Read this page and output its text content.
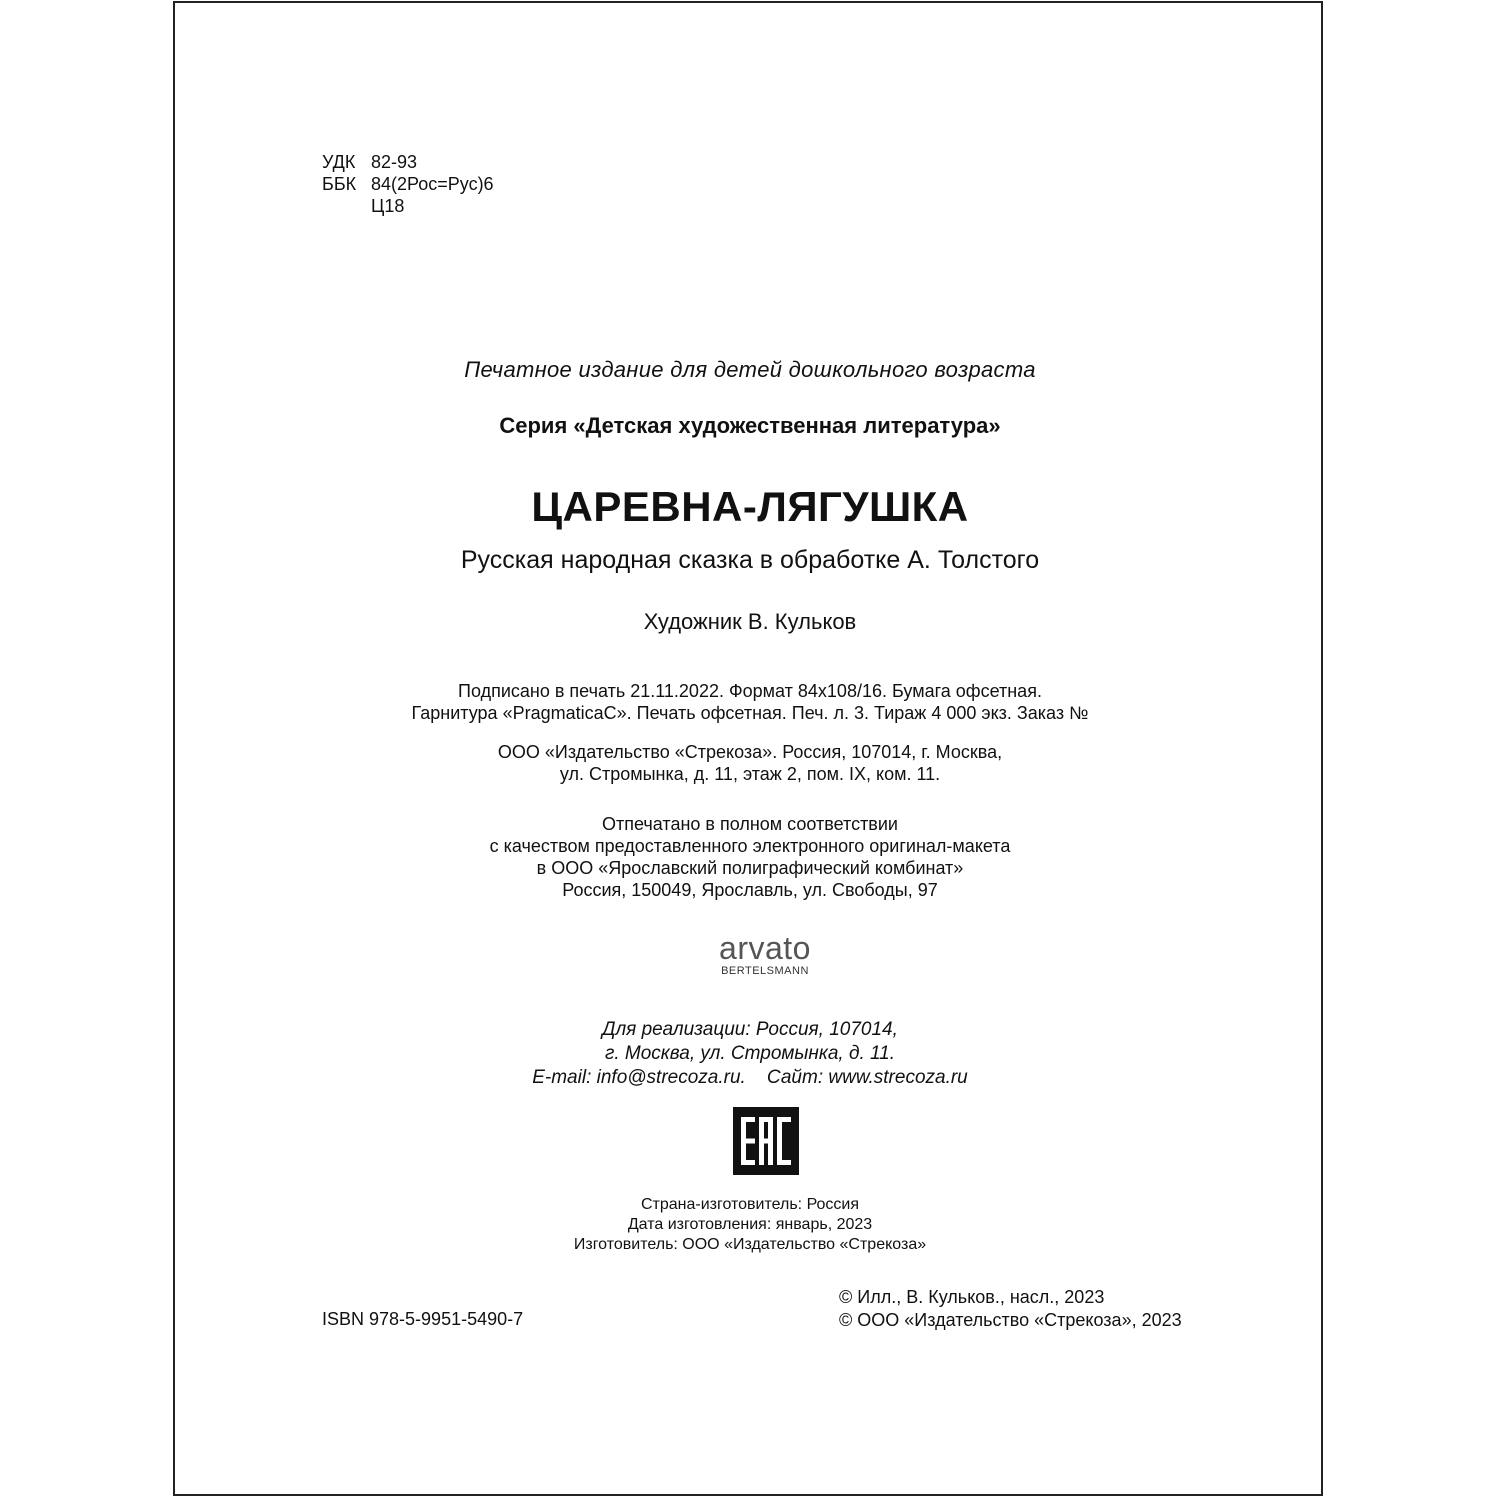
УДК 82-93
ББК 84(2Рос=Рус)6
Ц18
Печатное издание для детей дошкольного возраста
Серия «Детская художественная литература»
ЦАРЕВНА-ЛЯГУШКА
Русская народная сказка в обработке А. Толстого
Художник В. Кульков
Подписано в печать 21.11.2022. Формат 84x108/16. Бумага офсетная.
Гарнитура «PragmaticaC». Печать офсетная. Печ. л. 3. Тираж 4 000 экз. Заказ №
ООО «Издательство «Стрекоза». Россия, 107014, г. Москва,
ул. Стромынка, д. 11, этаж 2, пом. IX, ком. 11.
Отпечатано в полном соответствии
с качеством предоставленного электронного оригинал-макета
в ООО «Ярославский полиграфический комбинат»
Россия, 150049, Ярославль, ул. Свободы, 97
arvato
BERTELSMANN
Для реализации: Россия, 107014,
г. Москва, ул. Стромынка, д. 11.
E-mail: info@strecoza.ru.    Сайт: www.strecoza.ru
Страна-изготовитель: Россия
Дата изготовления: январь, 2023
Изготовитель: ООО «Издательство «Стрекоза»
ISBN 978-5-9951-5490-7
© Илл., В. Кульков., насл., 2023
© ООО «Издательство «Стрекоза», 2023
